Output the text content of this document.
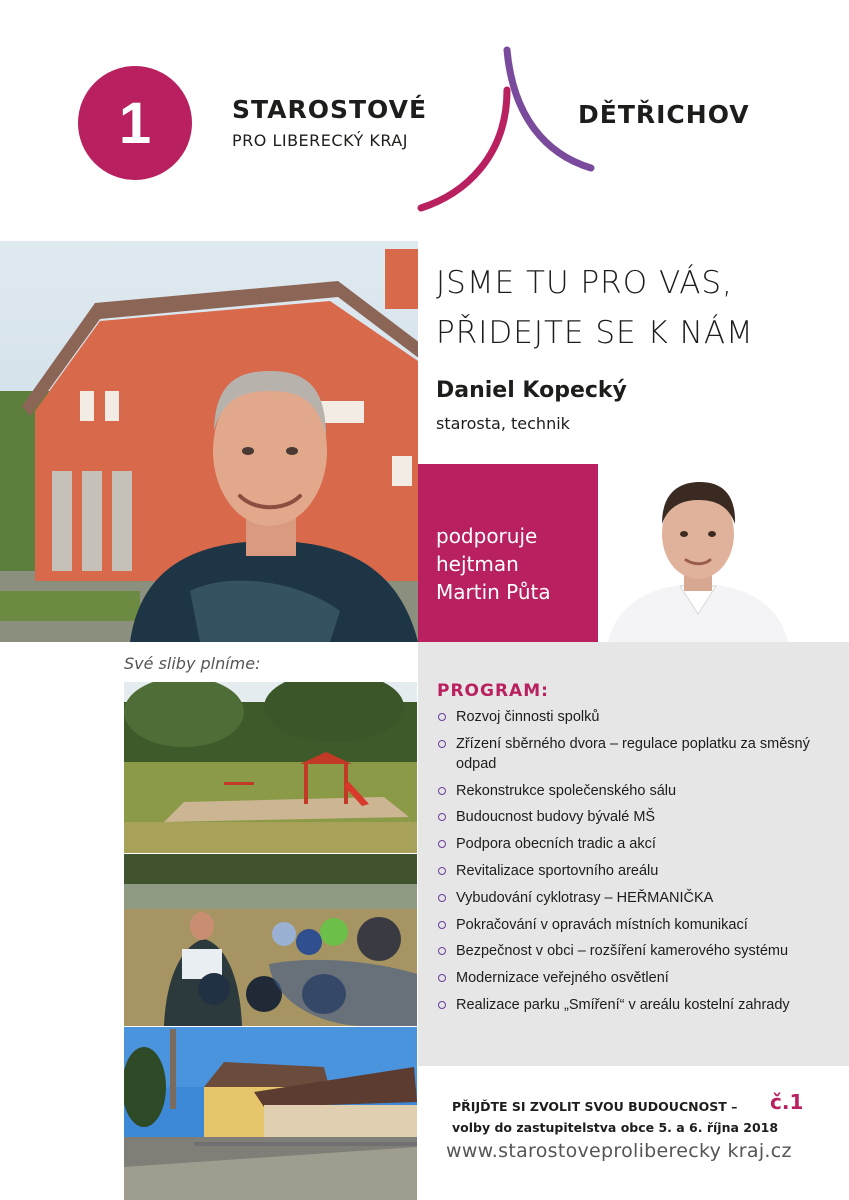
1	STAROSTOVÉ
PRO LIBERECKÝ KRAJ
DĚTŘICHOV
JSME TU PRO VÁS,
PŘIDEJTE SE K NÁM
Daniel Kopecký
starosta, technik
podporuje
hejtman
Martin Půta
Své sliby plníme:
PROGRAM:
Rozvoj činnosti spolků
Zřízení sběrného dvora – regulace poplatku za směsný odpad
Rekonstrukce společenského sálu
Budoucnost budovy bývalé MŠ
Podpora obecních tradic a akcí
Revitalizace sportovního areálu
Vybudování cyklotrasy – HEŘMANIČKA
Pokračování v opravách místních komunikací
Bezpečnost v obci – rozšíření kamerového systému
Modernizace veřejného osvětlení
Realizace parku „Smíření“ v areálu kostelní zahrady
PŘIJĎTE SI ZVOLIT SVOU BUDOUCNOST – č.1
volby do zastupitelstva obce 5. a 6. října 2018
www.starostoveproliberecky kraj.cz
